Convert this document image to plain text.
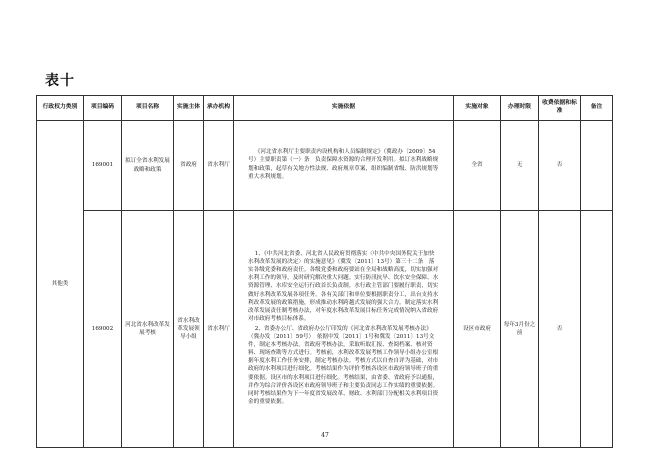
表十
行政权力类别	项目编码	项目名称	实施主体	承办机构	实施依据	实施对象	办理时限	收费依据和标准	备注
其他类	169001	拟订全省水利发展战略和政策	省政府	省水利厅	《河北省水利厅主要职责内设机构和人员编制规定》（冀政办〔2009〕54号）主要职责第（一）条　负责保障水资源的合理开发利用。拟订水利战略规划和政策，起草有关地方性法规、政府规章草案，组织编制省级、防洪规划等重大水利规划。	全省	无	否	
	169002	河北省水利改革发展考核	省水利改革发展领导小组	省水利厅	1、《中共河北省委、河北省人民政府贯彻落实〈中共中央国务院关于加快水利改革发展的决定〉的实施意见》（冀发〔2011〕13号）第三十二条　落实各级党委和政府责任。各级党委和政府要站在全局和战略高度，切实加强对水利工作的领导，及时研究解决重大问题。实行防汛抗旱、饮水安全保障、水资源管理、水库安全运行行政首长负责制。水行政主管部门要履行职责，切实做好水利改革发展各项任务。各有关部门和单位要根据职责分工，出台支持水利改革发展的政策措施，形成推动水利跨越式发展的强大合力。制定落实水利改革发展责任制考核办法，对年度水利改革发展目标任务完成情况纳入省政府对市政府考核目标体系。

2、省委办公厅、省政府办公厅印发的《河北省水利改革发展考核办法》（冀办发〔2011〕59号）　依据中发〔2011〕1号和冀发〔2011〕13号文件，制定本考核办法。省政府考核办法，采取听取汇报、查阅档案、核对资料、现场查勘等方式进行。考核前，水利改革发展考核工作领导小组办公室根据年度水利工作任务安排，制定考核办法。考核方式以自查自评为基础，对市政府的水利项目进行细化。考核结果作为评价考核各设区市政府领导班子的重要依据。设区市的水利项目进行细化。考核结果，由省委、省政府予以通报，并作为综合评价各设区市政府领导班子和主要负责同志工作实绩的重要依据。同时考核结果作为下一年度省发展改革、财政、水利部门分配相关水利项目资金的重要依据。	设区市政府	每年3月份之前	否	
47
